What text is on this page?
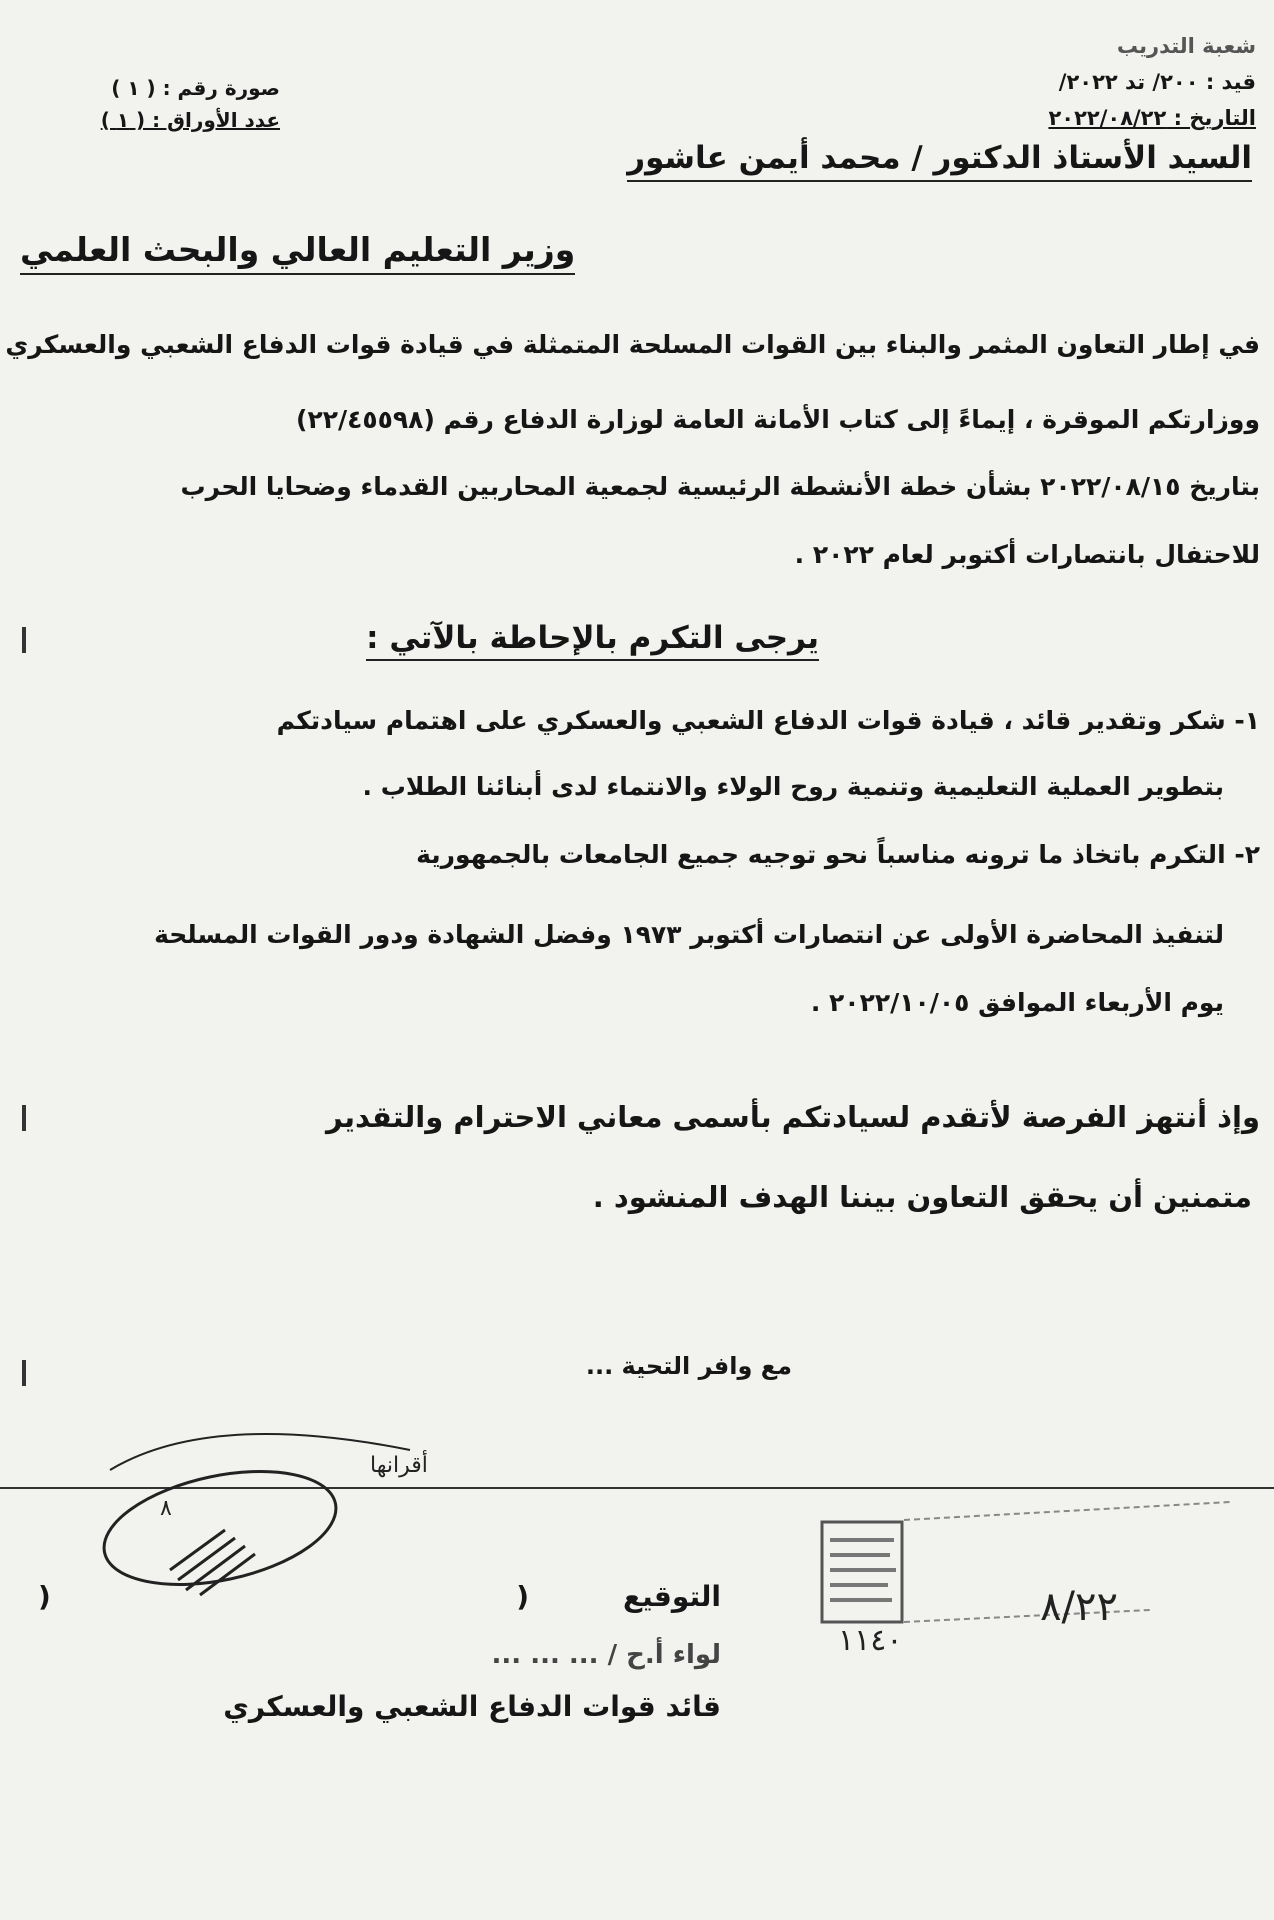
شعبة التدريب
قيد : ٢٠٠/ تد ٢٠٢٢/
التاريخ : ٢٠٢٢/٠٨/٢٢
صورة رقم : ( ١ )
عدد الأوراق : ( ١ )
السيد الأستاذ الدكتور / محمد أيمن عاشور
وزير التعليم العالي والبحث العلمي
في إطار التعاون المثمر والبناء بين القوات المسلحة المتمثلة في قيادة قوات الدفاع الشعبي والعسكري
ووزارتكم الموقرة ، إيماءً إلى كتاب الأمانة العامة لوزارة الدفاع رقم (٢٢/٤٥٥٩٨)
بتاريخ ٢٠٢٢/٠٨/١٥ بشأن خطة الأنشطة الرئيسية لجمعية المحاربين القدماء وضحايا الحرب
للاحتفال بانتصارات أكتوبر لعام ٢٠٢٢ .
يرجى التكرم بالإحاطة بالآتي :
١- شكر وتقدير قائد ، قيادة قوات الدفاع الشعبي والعسكري على اهتمام سيادتكم
بتطوير العملية التعليمية وتنمية روح الولاء والانتماء لدى أبنائنا الطلاب .
٢- التكرم باتخاذ ما ترونه مناسباً نحو توجيه جميع الجامعات بالجمهورية
لتنفيذ المحاضرة الأولى عن انتصارات أكتوبر ١٩٧٣ وفضل الشهادة ودور القوات المسلحة
يوم الأربعاء الموافق ٢٠٢٢/١٠/٠٥ .
وإذ أنتهز الفرصة لأتقدم لسيادتكم بأسمى معاني الاحترام والتقدير
متمنين أن يحقق التعاون بيننا الهدف المنشود .
مع وافر التحية ...
التوقيع
(
)
لواء أ.ح / ... ... ...
قائد قوات الدفاع الشعبي والعسكري
أقرانها
٨
٨/٢٢
١١٤٠
